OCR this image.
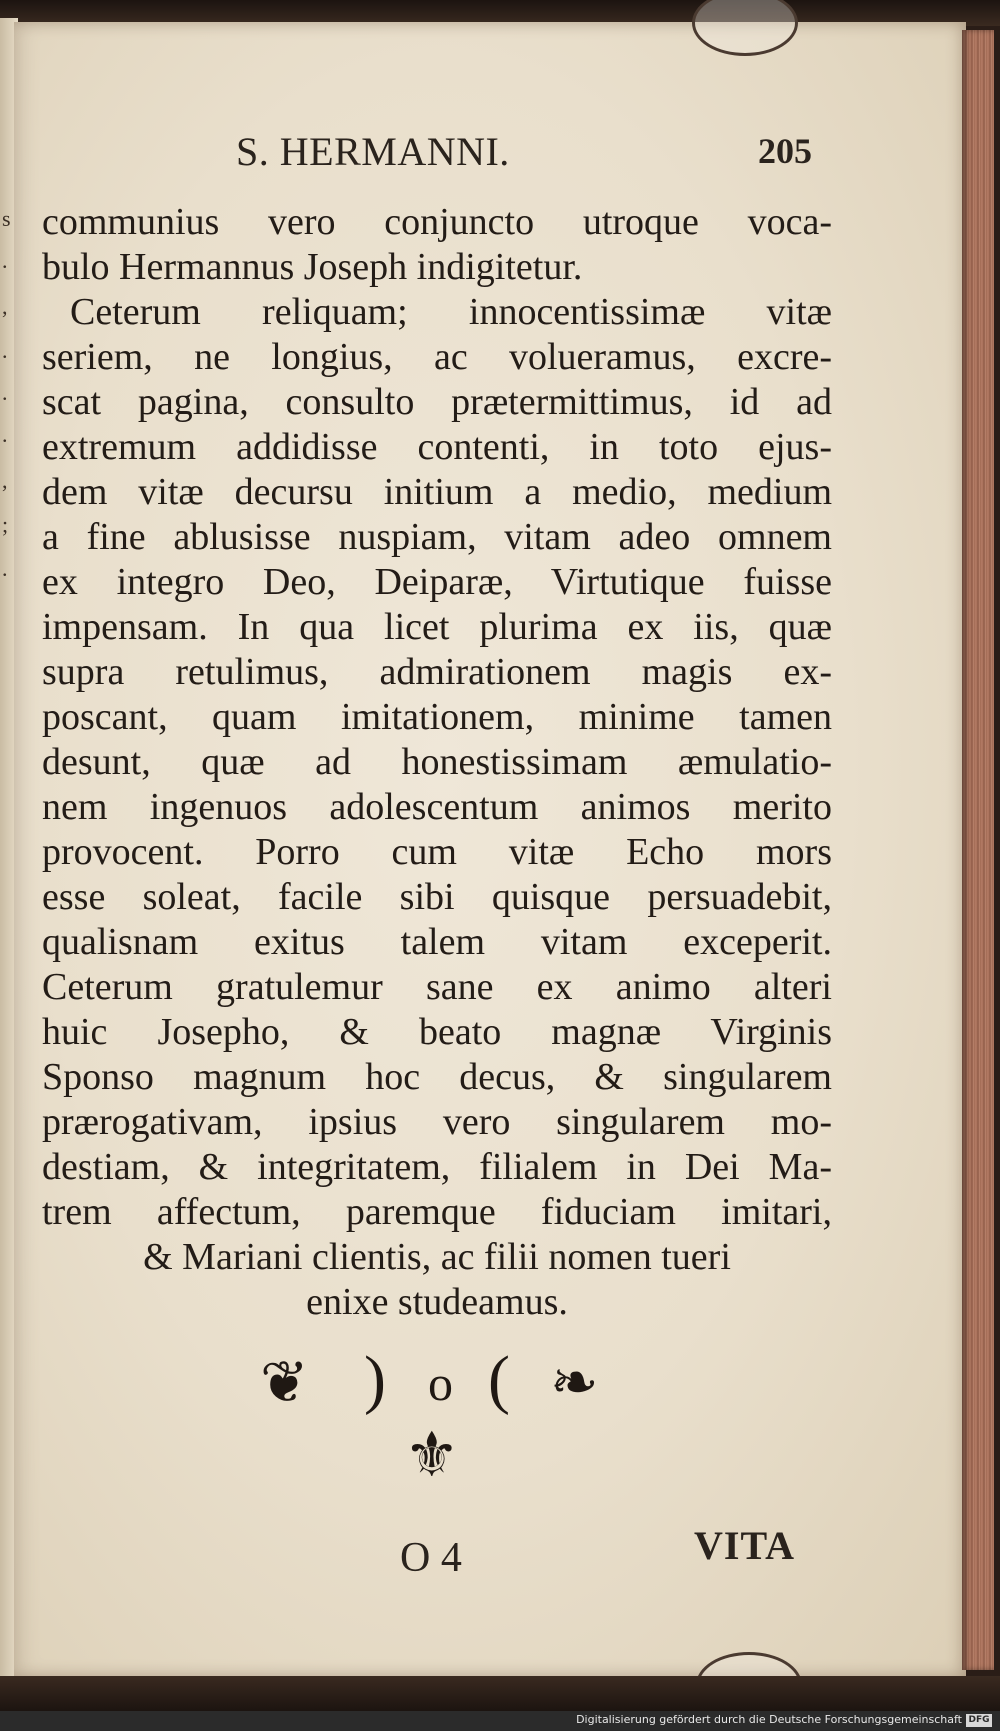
s
.
,
.
.
.
,
;
.
S. HERMANNI.	205
communius vero conjuncto utroque voca-
bulo Hermannus Joseph indigitetur.
Ceterum reliquam; innocentissimæ vitæ
seriem, ne longius, ac volueramus, excre-
scat pagina, consulto prætermittimus, id ad
extremum addidisse contenti, in toto ejus-
dem vitæ decursu initium a medio, medium
a fine ablusisse nuspiam, vitam adeo omnem
ex integro Deo, Deiparæ, Virtutique fuisse
impensam. In qua licet plurima ex iis, quæ
supra retulimus, admirationem magis ex-
poscant, quam imitationem, minime tamen
desunt, quæ ad honestissimam æmulatio-
nem ingenuos adolescentum animos merito
provocent. Porro cum vitæ Echo mors
esse soleat, facile sibi quisque persuadebit,
qualisnam exitus talem vitam exceperit.
Ceterum gratulemur sane ex animo alteri
huic Josepho, & beato magnæ Virginis
Sponso magnum hoc decus, & singularem
prærogativam, ipsius vero singularem mo-
destiam, & integritatem, filialem in Dei Ma-
trem affectum, paremque fiduciam imitari,
& Mariani clientis, ac filii nomen tueri
enixe studeamus.
❦ ) o ( ❧
⚜
O 4	VITA
Digitalisierung gefördert durch die Deutsche Forschungsgemeinschaft DFG
